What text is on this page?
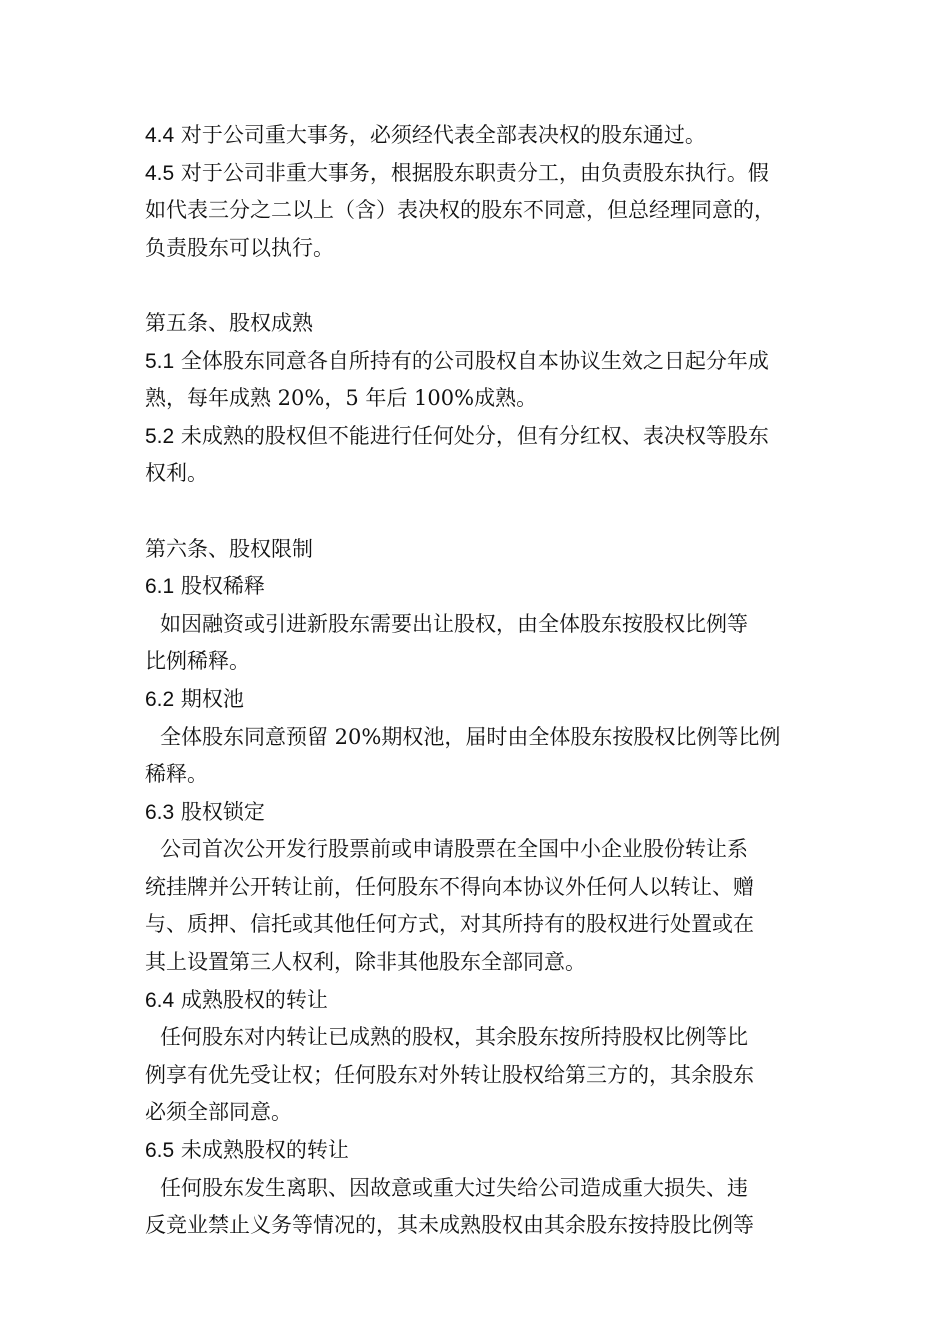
4.4 对于公司重大事务，必须经代表全部表决权的股东通过。
4.5 对于公司非重大事务，根据股东职责分工，由负责股东执行。假
如代表三分之二以上（含）表决权的股东不同意，但总经理同意的，
负责股东可以执行。
第五条、股权成熟
5.1 全体股东同意各自所持有的公司股权自本协议生效之日起分年成
熟，每年成熟 20%，5 年后 100%成熟。
5.2 未成熟的股权但不能进行任何处分，但有分红权、表决权等股东
权利。
第六条、股权限制
6.1 股权稀释
如因融资或引进新股东需要出让股权，由全体股东按股权比例等
比例稀释。
6.2 期权池
全体股东同意预留 20%期权池，届时由全体股东按股权比例等比例
稀释。
6.3 股权锁定
公司首次公开发行股票前或申请股票在全国中小企业股份转让系
统挂牌并公开转让前，任何股东不得向本协议外任何人以转让、赠
与、质押、信托或其他任何方式，对其所持有的股权进行处置或在
其上设置第三人权利，除非其他股东全部同意。
6.4 成熟股权的转让
任何股东对内转让已成熟的股权，其余股东按所持股权比例等比
例享有优先受让权；任何股东对外转让股权给第三方的，其余股东
必须全部同意。
6.5 未成熟股权的转让
任何股东发生离职、因故意或重大过失给公司造成重大损失、违
反竞业禁止义务等情况的，其未成熟股权由其余股东按持股比例等
